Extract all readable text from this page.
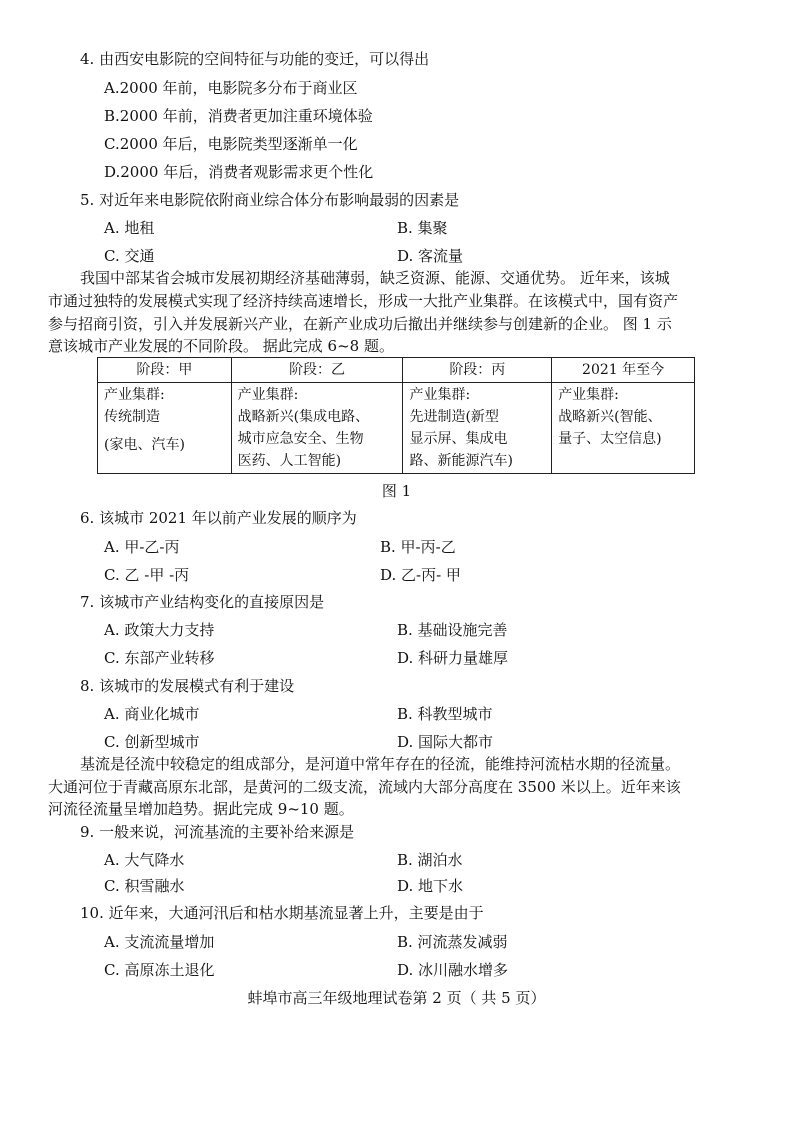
4. 由西安电影院的空间特征与功能的变迁，可以得出
A.2000 年前，电影院多分布于商业区
B.2000 年前，消费者更加注重环境体验
C.2000 年后，电影院类型逐渐单一化
D.2000 年后，消费者观影需求更个性化
5. 对近年来电影院依附商业综合体分布影响最弱的因素是
A. 地租	B. 集聚
C. 交通	D. 客流量
我国中部某省会城市发展初期经济基础薄弱，缺乏资源、能源、交通优势。 近年来，该城
市通过独特的发展模式实现了经济持续高速增长，形成一大批产业集群。在该模式中，国有资产
参与招商引资，引入并发展新兴产业，在新产业成功后撤出并继续参与创建新的企业。 图 1 示
意该城市产业发展的不同阶段。 据此完成 6~8 题。
阶段：甲	阶段：乙	阶段：丙	2021 年至今

产业集群:
传统制造
(家电、汽车)	产业集群:
战略新兴(集成电路、
城市应急安全、生物
医药、人工智能)	产业集群:
先进制造(新型
显示屏、集成电
路、新能源汽车)	产业集群:
战略新兴(智能、
量子、太空信息)
图 1
6. 该城市 2021 年以前产业发展的顺序为
A. 甲-乙-丙	B. 甲-丙-乙
C. 乙 -甲 -丙	D. 乙-丙- 甲
7. 该城市产业结构变化的直接原因是
A. 政策大力支持	B. 基础设施完善
C. 东部产业转移	D. 科研力量雄厚
8. 该城市的发展模式有利于建设
A. 商业化城市	B. 科教型城市
C. 创新型城市	D. 国际大都市
基流是径流中较稳定的组成部分，是河道中常年存在的径流，能维持河流枯水期的径流量。
大通河位于青藏高原东北部，是黄河的二级支流，流域内大部分高度在 3500 米以上。近年来该
河流径流量呈增加趋势。据此完成 9~10 题。
9. 一般来说，河流基流的主要补给来源是
A. 大气降水	B. 湖泊水
C. 积雪融水	D. 地下水
10. 近年来，大通河汛后和枯水期基流显著上升，主要是由于
A. 支流流量增加	B. 河流蒸发减弱
C. 高原冻土退化	D. 冰川融水增多
蚌埠市高三年级地理试卷第 2 页（ 共 5 页）
